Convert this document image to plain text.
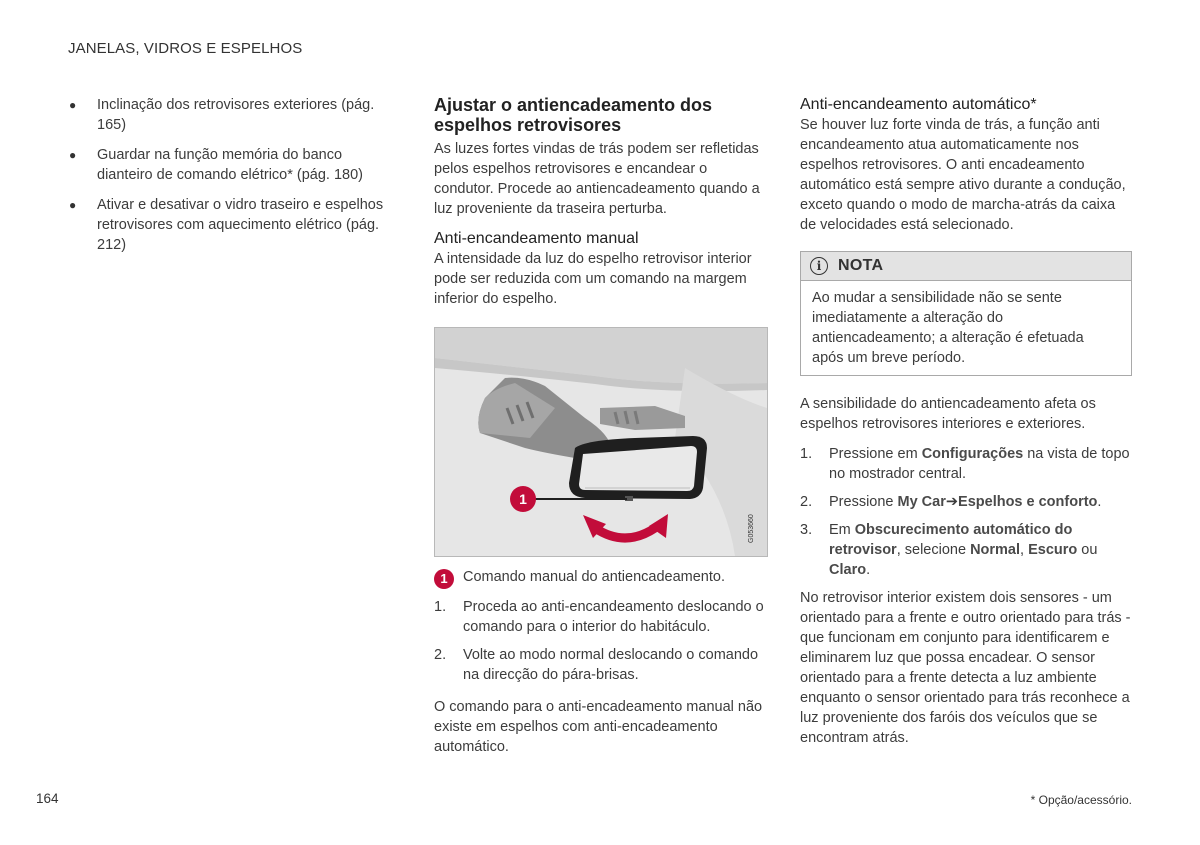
JANELAS, VIDROS E ESPELHOS
● Inclinação dos retrovisores exteriores (pág. 165)
● Guardar na função memória do banco dianteiro de comando elétrico* (pág. 180)
● Ativar e desativar o vidro traseiro e espelhos retrovisores com aquecimento elétrico (pág. 212)
Ajustar o antiencadeamento dos espelhos retrovisores

As luzes fortes vindas de trás podem ser refletidas pelos espelhos retrovisores e encandear o condutor. Procede ao antiencadeamento quando a luz proveniente da traseira perturba.

Anti-encandeamento manual

A intensidade da luz do espelho retrovisor interior pode ser reduzida com um comando na margem inferior do espelho.

1
G053660
1	Comando manual do antiencadeamento.
1. Proceda ao anti-encandeamento deslocando o comando para o interior do habitáculo.
2. Volte ao modo normal deslocando o comando na direcção do pára-brisas.

O comando para o anti-encadeamento manual não existe em espelhos com anti-encadeamento automático.

Anti-encandeamento automático*

Se houver luz forte vinda de trás, a função anti encandeamento atua automaticamente nos espelhos retrovisores. O anti encadeamento automático está sempre ativo durante a condução, exceto quando o modo de marcha-atrás da caixa de velocidades está selecionado.

i	NOTA
Ao mudar a sensibilidade não se sente imediatamente a alteração do antiencadeamento; a alteração é efetuada após um breve período.

A sensibilidade do antiencadeamento afeta os espelhos retrovisores interiores e exteriores.

1. Pressione em Configurações na vista de topo no mostrador central.
2. Pressione My Car➔Espelhos e conforto.
3. Em Obscurecimento automático do retrovisor, selecione Normal, Escuro ou Claro.

No retrovisor interior existem dois sensores - um orientado para a frente e outro orientado para trás - que funcionam em conjunto para identificarem e eliminarem luz que possa encadear. O sensor orientado para a frente detecta a luz ambiente enquanto o sensor orientado para trás reconhece a luz proveniente dos faróis dos veículos que se encontram atrás.

164	* Opção/acessório.
